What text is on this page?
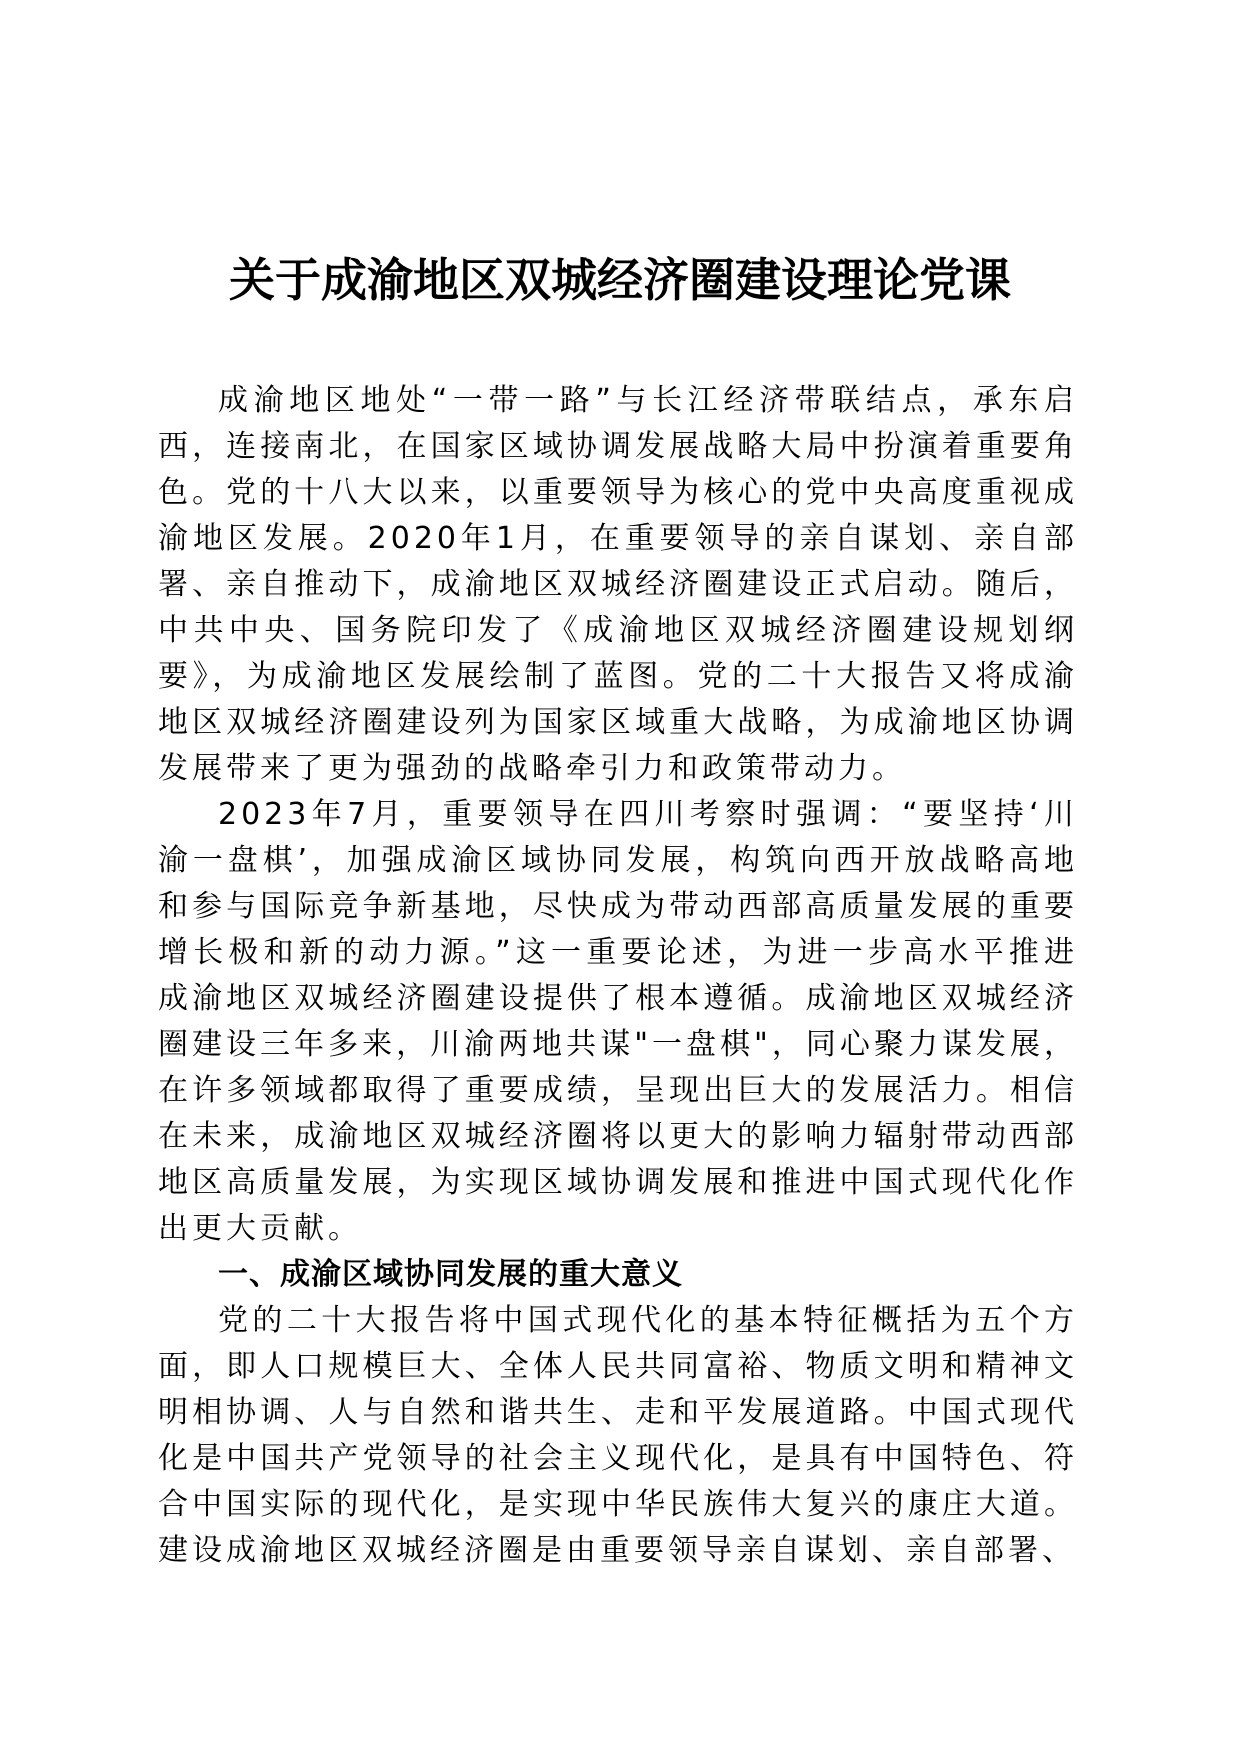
关于成渝地区双城经济圈建设理论党课

成渝地区地处“一带一路”与长江经济带联结点，承东启西，连接南北，在国家区域协调发展战略大局中扮演着重要角色。党的十八大以来，以重要领导为核心的党中央高度重视成渝地区发展。2020年1月，在重要领导的亲自谋划、亲自部署、亲自推动下，成渝地区双城经济圈建设正式启动。随后，中共中央、国务院印发了《成渝地区双城经济圈建设规划纲要》，为成渝地区发展绘制了蓝图。党的二十大报告又将成渝地区双城经济圈建设列为国家区域重大战略，为成渝地区协调发展带来了更为强劲的战略牵引力和政策带动力。

2023年7月，重要领导在四川考察时强调：“要坚持‘川渝一盘棋’，加强成渝区域协同发展，构筑向西开放战略高地和参与国际竞争新基地，尽快成为带动西部高质量发展的重要增长极和新的动力源。”这一重要论述，为进一步高水平推进成渝地区双城经济圈建设提供了根本遵循。成渝地区双城经济圈建设三年多来，川渝两地共谋"一盘棋"，同心聚力谋发展，在许多领域都取得了重要成绩，呈现出巨大的发展活力。相信在未来，成渝地区双城经济圈将以更大的影响力辐射带动西部地区高质量发展，为实现区域协调发展和推进中国式现代化作出更大贡献。

一、成渝区域协同发展的重大意义

党的二十大报告将中国式现代化的基本特征概括为五个方面，即人口规模巨大、全体人民共同富裕、物质文明和精神文明相协调、人与自然和谐共生、走和平发展道路。中国式现代化是中国共产党领导的社会主义现代化，是具有中国特色、符合中国实际的现代化，是实现中华民族伟大复兴的康庄大道。建设成渝地区双城经济圈是由重要领导亲自谋划、亲自部署、
